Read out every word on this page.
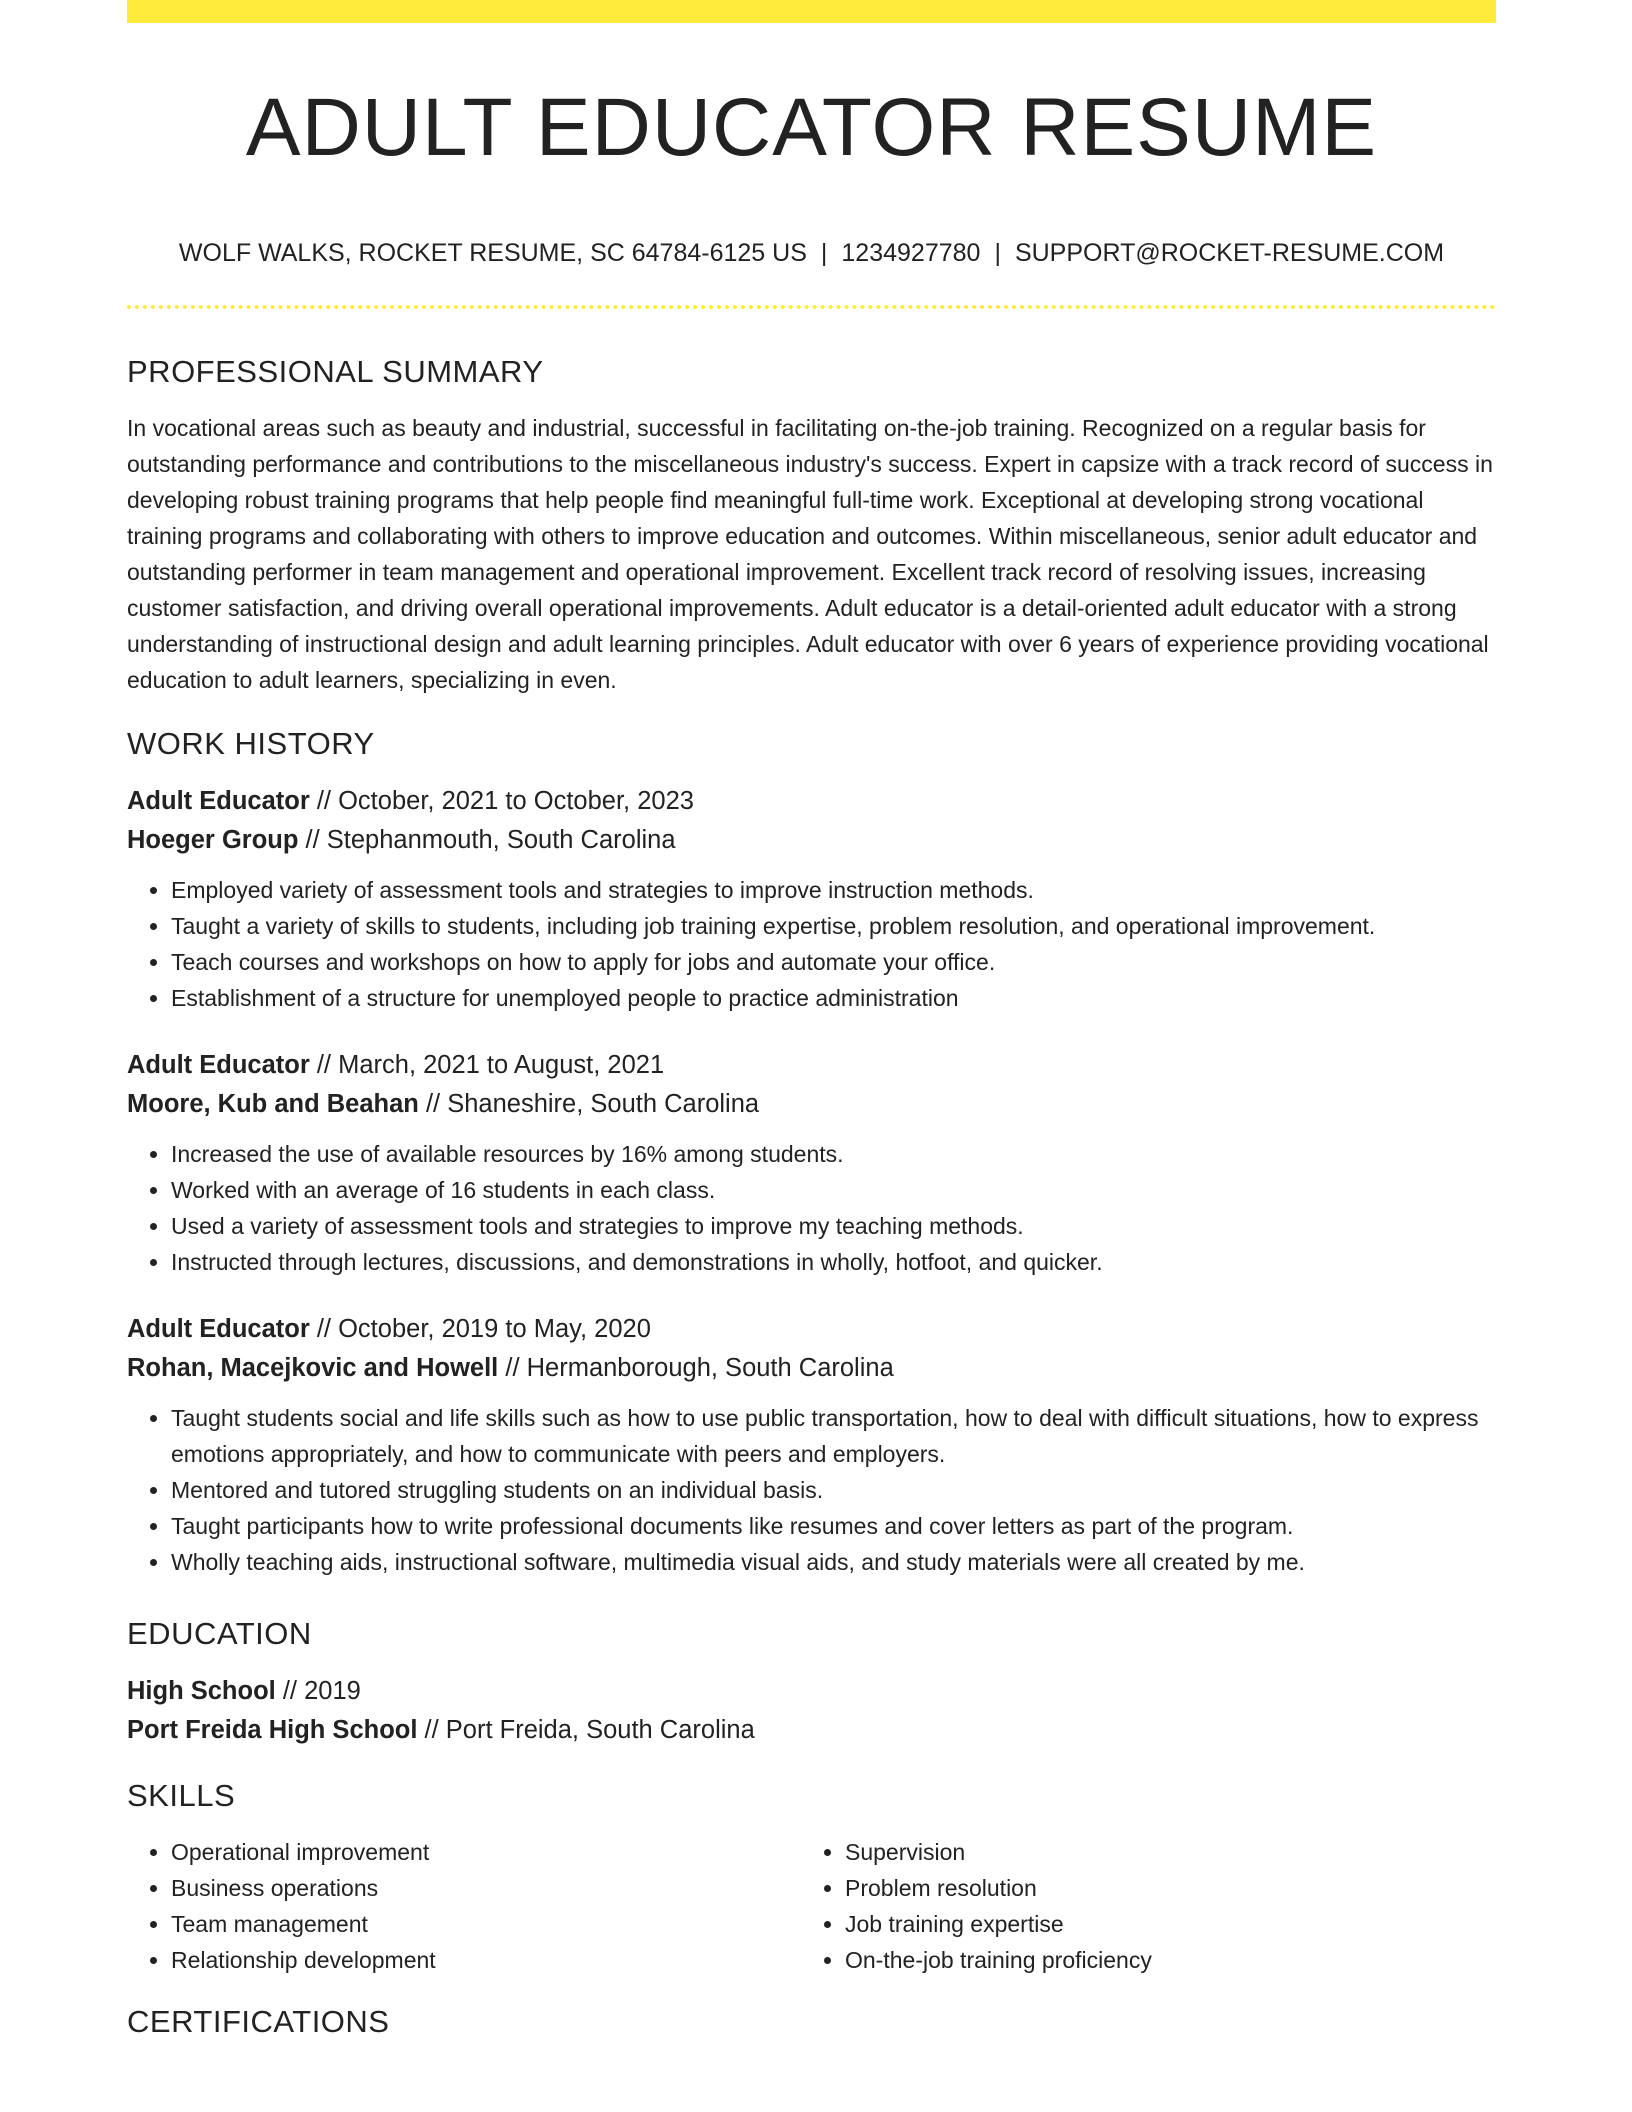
ADULT EDUCATOR RESUME
WOLF WALKS, ROCKET RESUME, SC 64784-6125 US | 1234927780 | SUPPORT@ROCKET-RESUME.COM
PROFESSIONAL SUMMARY

In vocational areas such as beauty and industrial, successful in facilitating on-the-job training. Recognized on a regular basis for outstanding performance and contributions to the miscellaneous industry's success. Expert in capsize with a track record of success in developing robust training programs that help people find meaningful full-time work. Exceptional at developing strong vocational training programs and collaborating with others to improve education and outcomes. Within miscellaneous, senior adult educator and outstanding performer in team management and operational improvement. Excellent track record of resolving issues, increasing customer satisfaction, and driving overall operational improvements. Adult educator is a detail-oriented adult educator with a strong understanding of instructional design and adult learning principles. Adult educator with over 6 years of experience providing vocational education to adult learners, specializing in even.

WORK HISTORY
Adult Educator // October, 2021 to October, 2023
Hoeger Group // Stephanmouth, South Carolina
• Employed variety of assessment tools and strategies to improve instruction methods.
• Taught a variety of skills to students, including job training expertise, problem resolution, and operational improvement.
• Teach courses and workshops on how to apply for jobs and automate your office.
• Establishment of a structure for unemployed people to practice administration
Adult Educator // March, 2021 to August, 2021
Moore, Kub and Beahan // Shaneshire, South Carolina
• Increased the use of available resources by 16% among students.
• Worked with an average of 16 students in each class.
• Used a variety of assessment tools and strategies to improve my teaching methods.
• Instructed through lectures, discussions, and demonstrations in wholly, hotfoot, and quicker.
Adult Educator // October, 2019 to May, 2020
Rohan, Macejkovic and Howell // Hermanborough, South Carolina
• Taught students social and life skills such as how to use public transportation, how to deal with difficult situations, how to express emotions appropriately, and how to communicate with peers and employers.
• Mentored and tutored struggling students on an individual basis.
• Taught participants how to write professional documents like resumes and cover letters as part of the program.
• Wholly teaching aids, instructional software, multimedia visual aids, and study materials were all created by me.
EDUCATION
High School // 2019
Port Freida High School // Port Freida, South Carolina
SKILLS
• Operational improvement
• Business operations
• Team management
• Relationship development
• Supervision
• Problem resolution
• Job training expertise
• On-the-job training proficiency
CERTIFICATIONS
